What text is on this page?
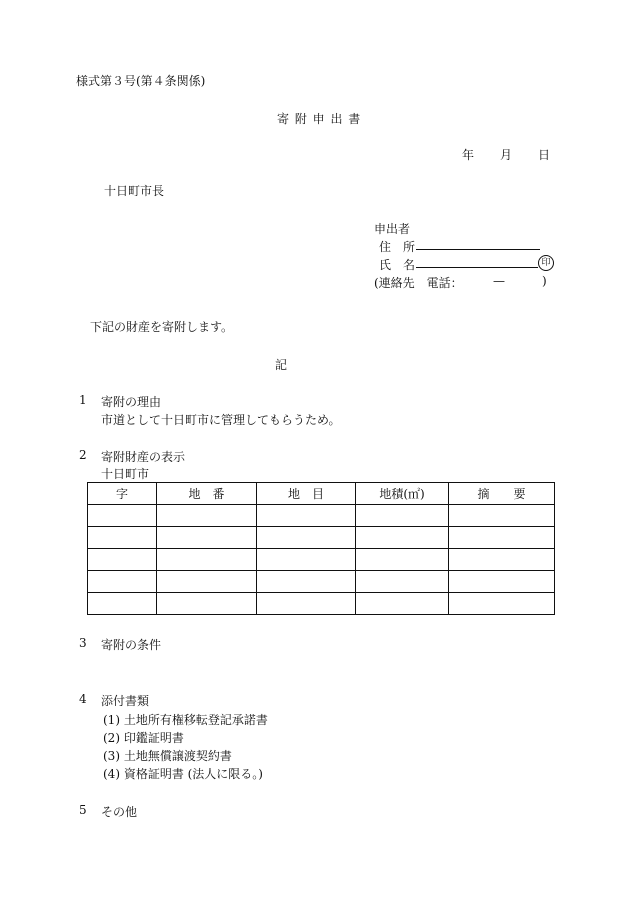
様式第３号(第４条関係)
寄 附 申 出 書
年 月 日
十日町市長
申出者
住　所
氏　名	印
(連絡先　電話：	—	)
下記の財産を寄附します。
記
1 寄附の理由
市道として十日町市に管理してもらうため。
2 寄附財産の表示
十日町市
字	地　番	地　目	地積(㎡)	摘　　要

3 寄附の条件
4 添付書類
(1) 土地所有権移転登記承諾書
(2) 印鑑証明書
(3) 土地無償譲渡契約書
(4) 資格証明書 (法人に限る。)
5 その他
